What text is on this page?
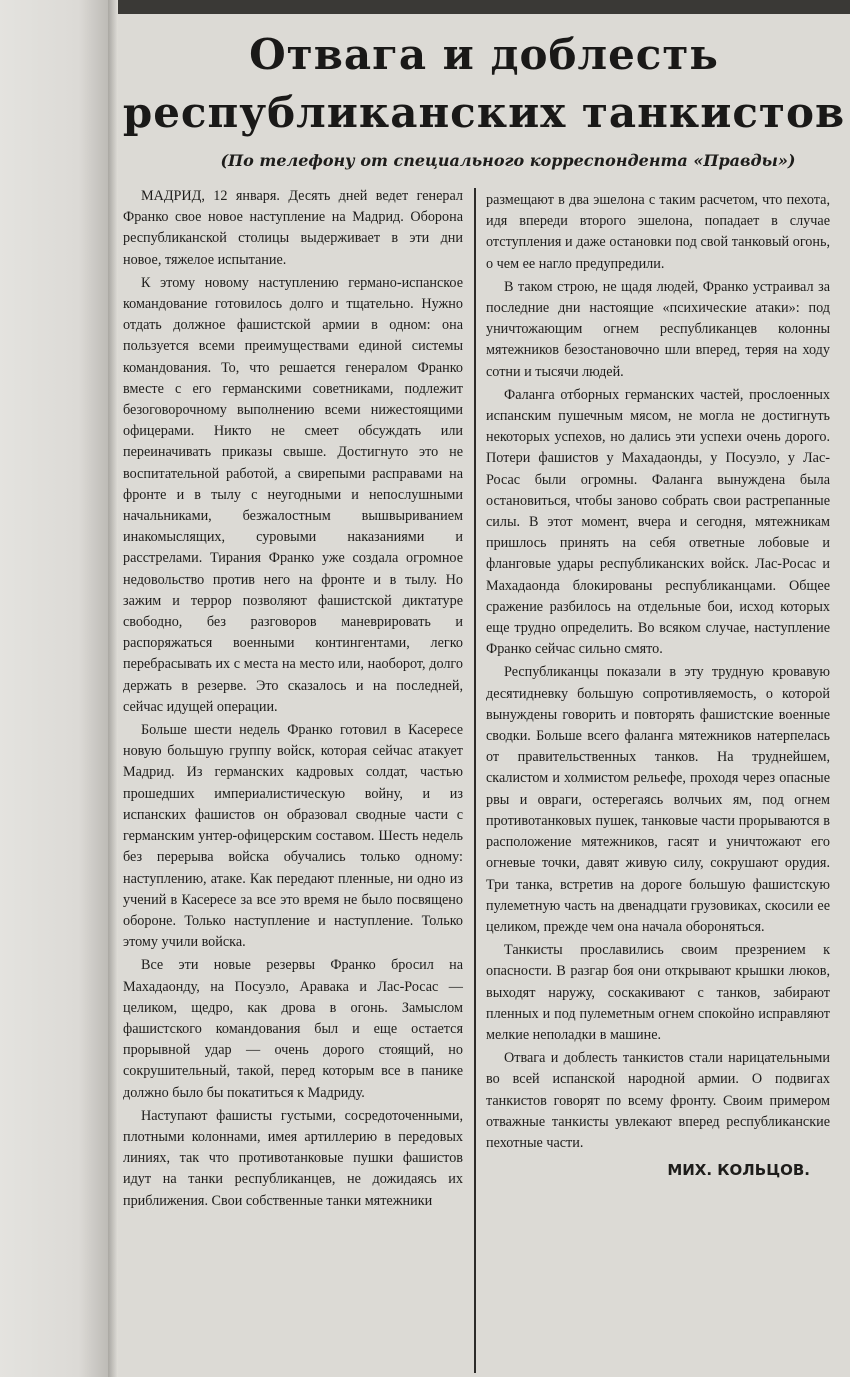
Отвага и доблесть
республиканских танкистов
(По телефону от специального корреспондента «Правды»)

МАДРИД, 12 января. Десять дней ведет генерал Франко свое новое наступление на Мадрид. Оборона республиканской столицы выдерживает в эти дни новое, тяжелое испытание.

К этому новому наступлению германо-испанское командование готовилось долго и тщательно. Нужно отдать должное фашистской армии в одном: она пользуется всеми преимуществами единой системы командования. То, что решается генералом Франко вместе с его германскими советниками, подлежит безоговорочному выполнению всеми нижестоящими офицерами. Никто не смеет обсуждать или переиначивать приказы свыше. Достигнуто это не воспитательной работой, а свирепыми расправами на фронте и в тылу с неугодными и непослушными начальниками, безжалостным вышвыриванием инакомыслящих, суровыми наказаниями и расстрелами. Тирания Франко уже создала огромное недовольство против него на фронте и в тылу. Но зажим и террор позволяют фашистской диктатуре свободно, без разговоров маневрировать и распоряжаться военными контингентами, легко перебрасывать их с места на место или, наоборот, долго держать в резерве. Это сказалось и на последней, сейчас идущей операции.

Больше шести недель Франко готовил в Касересе новую большую группу войск, которая сейчас атакует Мадрид. Из германских кадровых солдат, частью прошедших империалистическую войну, и из испанских фашистов он образовал сводные части с германским унтер-офицерским составом. Шесть недель без перерыва войска обучались только одному: наступлению, атаке. Как передают пленные, ни одно из учений в Касересе за все это время не было посвящено обороне. Только наступление и наступление. Только этому учили войска.

Все эти новые резервы Франко бросил на Махадаонду, на Посуэло, Аравака и Лас-Росас — целиком, щедро, как дрова в огонь. Замыслом фашистского командования был и еще остается прорывной удар — очень дорого стоящий, но сокрушительный, такой, перед которым все в панике должно было бы покатиться к Мадриду.

Наступают фашисты густыми, сосредоточенными, плотными колоннами, имея артиллерию в передовых линиях, так что противотанковые пушки фашистов идут на танки республиканцев, не дожидаясь их приближения. Свои собственные танки мятежники

размещают в два эшелона с таким расчетом, что пехота, идя впереди второго эшелона, попадает в случае отступления и даже остановки под свой танковый огонь, о чем ее нагло предупредили.

В таком строю, не щадя людей, Франко устраивал за последние дни настоящие «психические атаки»: под уничтожающим огнем республиканцев колонны мятежников безостановочно шли вперед, теряя на ходу сотни и тысячи людей.

Фаланга отборных германских частей, прослоенных испанским пушечным мясом, не могла не достигнуть некоторых успехов, но дались эти успехи очень дорого. Потери фашистов у Махадаонды, у Посуэло, у Лас-Росас были огромны. Фаланга вынуждена была остановиться, чтобы заново собрать свои растрепанные силы. В этот момент, вчера и сегодня, мятежникам пришлось принять на себя ответные лобовые и фланговые удары республиканских войск. Лас-Росас и Махадаонда блокированы республиканцами. Общее сражение разбилось на отдельные бои, исход которых еще трудно определить. Во всяком случае, наступление Франко сейчас сильно смято.

Республиканцы показали в эту трудную кровавую десятидневку большую сопротивляемость, о которой вынуждены говорить и повторять фашистские военные сводки. Больше всего фаланга мятежников натерпелась от правительственных танков. На труднейшем, скалистом и холмистом рельефе, проходя через опасные рвы и овраги, остерегаясь волчьих ям, под огнем противотанковых пушек, танковые части прорываются в расположение мятежников, гасят и уничтожают его огневые точки, давят живую силу, сокрушают орудия. Три танка, встретив на дороге большую фашистскую пулеметную часть на двенадцати грузовиках, скосили ее целиком, прежде чем она начала обороняться.

Танкисты прославились своим презрением к опасности. В разгар боя они открывают крышки люков, выходят наружу, соскакивают с танков, забирают пленных и под пулеметным огнем спокойно исправляют мелкие неполадки в машине.

Отвага и доблесть танкистов стали нарицательными во всей испанской народной армии. О подвигах танкистов говорят по всему фронту. Своим примером отважные танкисты увлекают вперед республиканские пехотные части.

МИХ. КОЛЬЦОВ.
